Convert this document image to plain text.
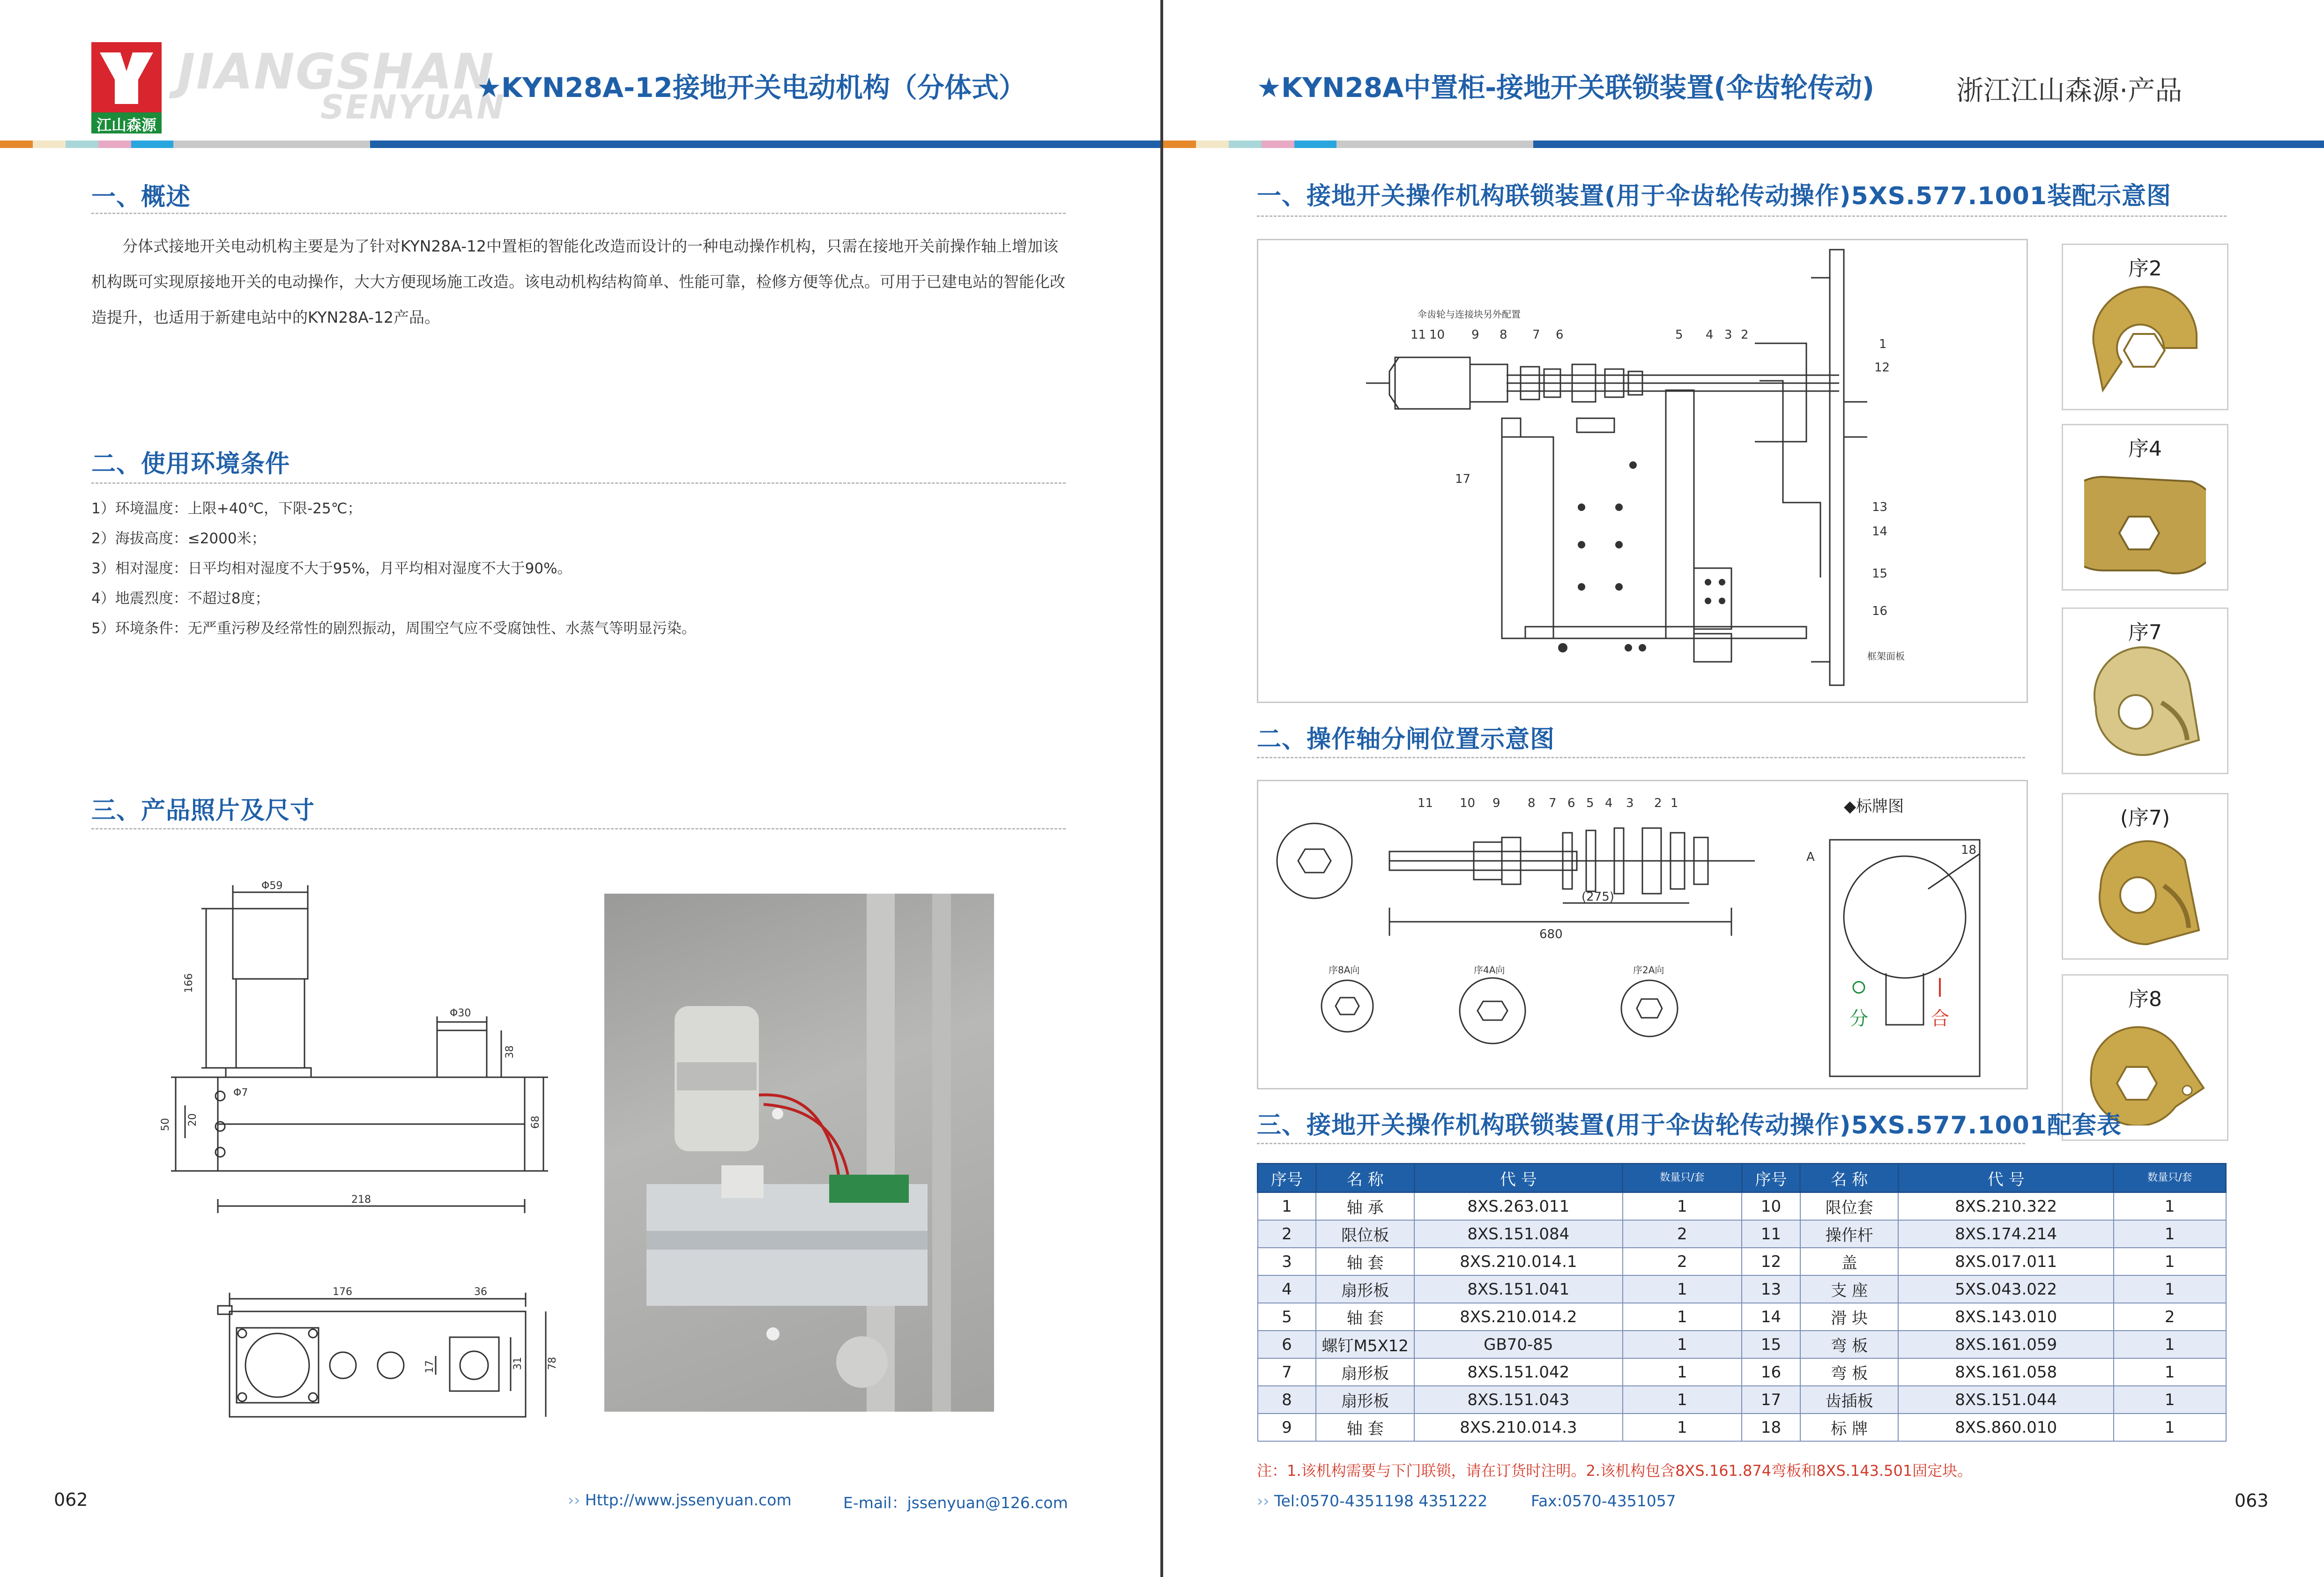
江山森源
JIANGSHAN
SENYUAN
★KYN28A-12接地开关电动机构（分体式）
一、概述
分体式接地开关电动机构主要是为了针对KYN28A-12中置柜的智能化改造而设计的一种电动操作机构，只需在接地开关前操作轴上增加该机构既可实现原接地开关的电动操作，大大方便现场施工改造。该电动机构结构简单、性能可靠，检修方便等优点。可用于已建电站的智能化改造提升，也适用于新建电站中的KYN28A-12产品。
二、使用环境条件
1）环境温度：上限+40℃，下限-25℃；
2）海拔高度：≤2000米；
3）相对湿度：日平均相对湿度不大于95%，月平均相对湿度不大于90%。
4）地震烈度：不超过8度；
5）环境条件：无严重污秽及经常性的剧烈振动，周围空气应不受腐蚀性、水蒸气等明显污染。
三、产品照片及尺寸
Φ59
166
Φ30
38
Φ7
50 20	68
218
176	36
17	31 78
062	›› Http://www.jssenyuan.com	E-mail：jssenyuan@126.com
★KYN28A中置柜-接地开关联锁装置(伞齿轮传动)	浙江江山森源·产品
一、接地开关操作机构联锁装置(用于伞齿轮传动操作)5XS.577.1001装配示意图
伞齿轮与连接块另外配置
框架面板
11 10 9 8 7 6	5 4 3 2
1
12
17
13
14
15
16
二、操作轴分闸位置示意图
A
(275)
680
11 10 9 8 7 6 5 4 3 2 1
序8A向	序4A向	序2A向
◆标牌图
18
分	合
序2
序4
序7
(序7)
序8
三、接地开关操作机构联锁装置(用于伞齿轮传动操作)5XS.577.1001配套表
序号	名 称	代 号	数量只/套	序号	名 称	代 号	数量只/套
1	轴 承	8XS.263.011	1	10	限位套	8XS.210.322	1
2	限位板	8XS.151.084	2	11	操作杆	8XS.174.214	1
3	轴 套	8XS.210.014.1	2	12	盖	8XS.017.011	1
4	扇形板	8XS.151.041	1	13	支 座	5XS.043.022	1
5	轴 套	8XS.210.014.2	1	14	滑 块	8XS.143.010	2
6	螺钉M5X12	GB70-85	1	15	弯 板	8XS.161.059	1
7	扇形板	8XS.151.042	1	16	弯 板	8XS.161.058	1
8	扇形板	8XS.151.043	1	17	齿插板	8XS.151.044	1
9	轴 套	8XS.210.014.3	1	18	标 牌	8XS.860.010	1
注：1.该机构需要与下门联锁，请在订货时注明。2.该机构包含8XS.161.874弯板和8XS.143.501固定块。
›› Tel:0570-4351198 4351222	Fax:0570-4351057	063
